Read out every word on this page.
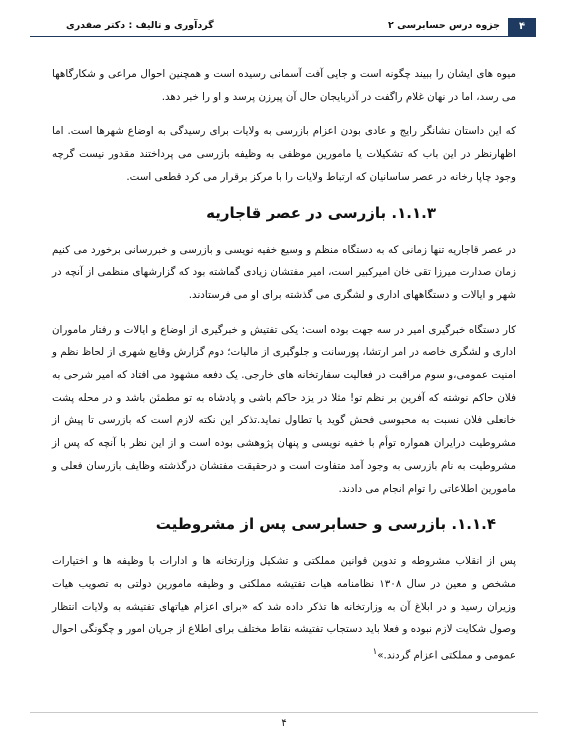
۴
جزوه درس حسابرسی ۲
گردآوری و تالیف : دکتر صفدری

میوه های ایشان را ببیند چگونه است و جایی آفت آسمانی رسیده است و همچنین احوال مراعی و شکارگاهها می رسد، اما در نهان غلام راگفت در آذربایجان حال آن پیرزن پرسد و او را خبر دهد.

که این داستان نشانگر رایج و عادی بودن اعزام بازرسی به ولایات برای رسیدگی به اوضاع شهرها است. اما اظهارنظر در این باب که تشکیلات یا مامورین موظفی به وظیفه بازرسی می پرداختند مقدور نیست گرچه وجود چاپا رخانه در عصر ساسانیان که ارتباط ولایات را با مرکز برقرار می کرد قطعی است.

۱.۱.۳. بازرسی در عصر قاجاریه

در عصر قاجاریه تنها زمانی که به دستگاه منظم و وسیع خفیه نویسی و بازرسی و خبررسانی برخورد می کنیم زمان صدارت میرزا تقی خان امیرکبیر است، امیر مفتشان زیادی گماشته بود که گزارشهای منظمی از آنچه در شهر و ایالات و دستگاههای اداری و لشگری می گذشته برای او می فرستادند.

کار دستگاه خبرگیری امیر در سه جهت بوده است: یکی تفتیش و خبرگیری از اوضاع و ایالات و رفتار ماموران اداری و لشگری خاصه در امر ارتشا، پورسانت و جلوگیری از مالیات؛ دوم گزارش وقایع شهری از لحاظ نظم و امنیت عمومی،و سوم مراقبت در فعالیت سفارتخانه های خارجی. یک دفعه مشهود می افتاد که امیر شرحی به فلان حاکم نوشته که آفرین بر نظم تو! مثلا در یزد حاکم باشی و پادشاه به تو مطمئن باشد و در محله پشت خانعلی فلان نسبت به محبوسی فحش گوید یا تطاول نماید.تذکر این نکته لازم است که بازرسی تا پیش از مشروطیت درایران همواره توأم با خفیه نویسی و پنهان پژوهشی بوده است و از این نظر با آنچه که پس از مشروطیت به نام بازرسی به وجود آمد متفاوت است و درحقیقت مفتشان درگذشته وظایف بازرسان فعلی و مامورین اطلاعاتی را توام انجام می دادند.

۱.۱.۴. بازرسی و حسابرسی پس از مشروطیت

پس از انقلاب مشروطه و تدوین قوانین مملکتی و تشکیل وزارتخانه ها و ادارات با وظیفه ها و اختیارات مشخص و معین در سال ۱۳۰۸ نظامنامه هیات تفتیشه مملکتی و وظیفه مامورین دولتی به تصویب هیات وزیران رسید و در ابلاغ آن به وزارتخانه ها تذکر داده شد که «برای اعزام هیاتهای تفتیشه به ولایات انتظار وصول شکایت لازم نبوده و فعلا باید دستجاب تفتیشه نقاط مختلف برای اطلاع از جریان امور و چگونگی احوال عمومی و مملکتی اعزام گردند.»$^۱$

۴
